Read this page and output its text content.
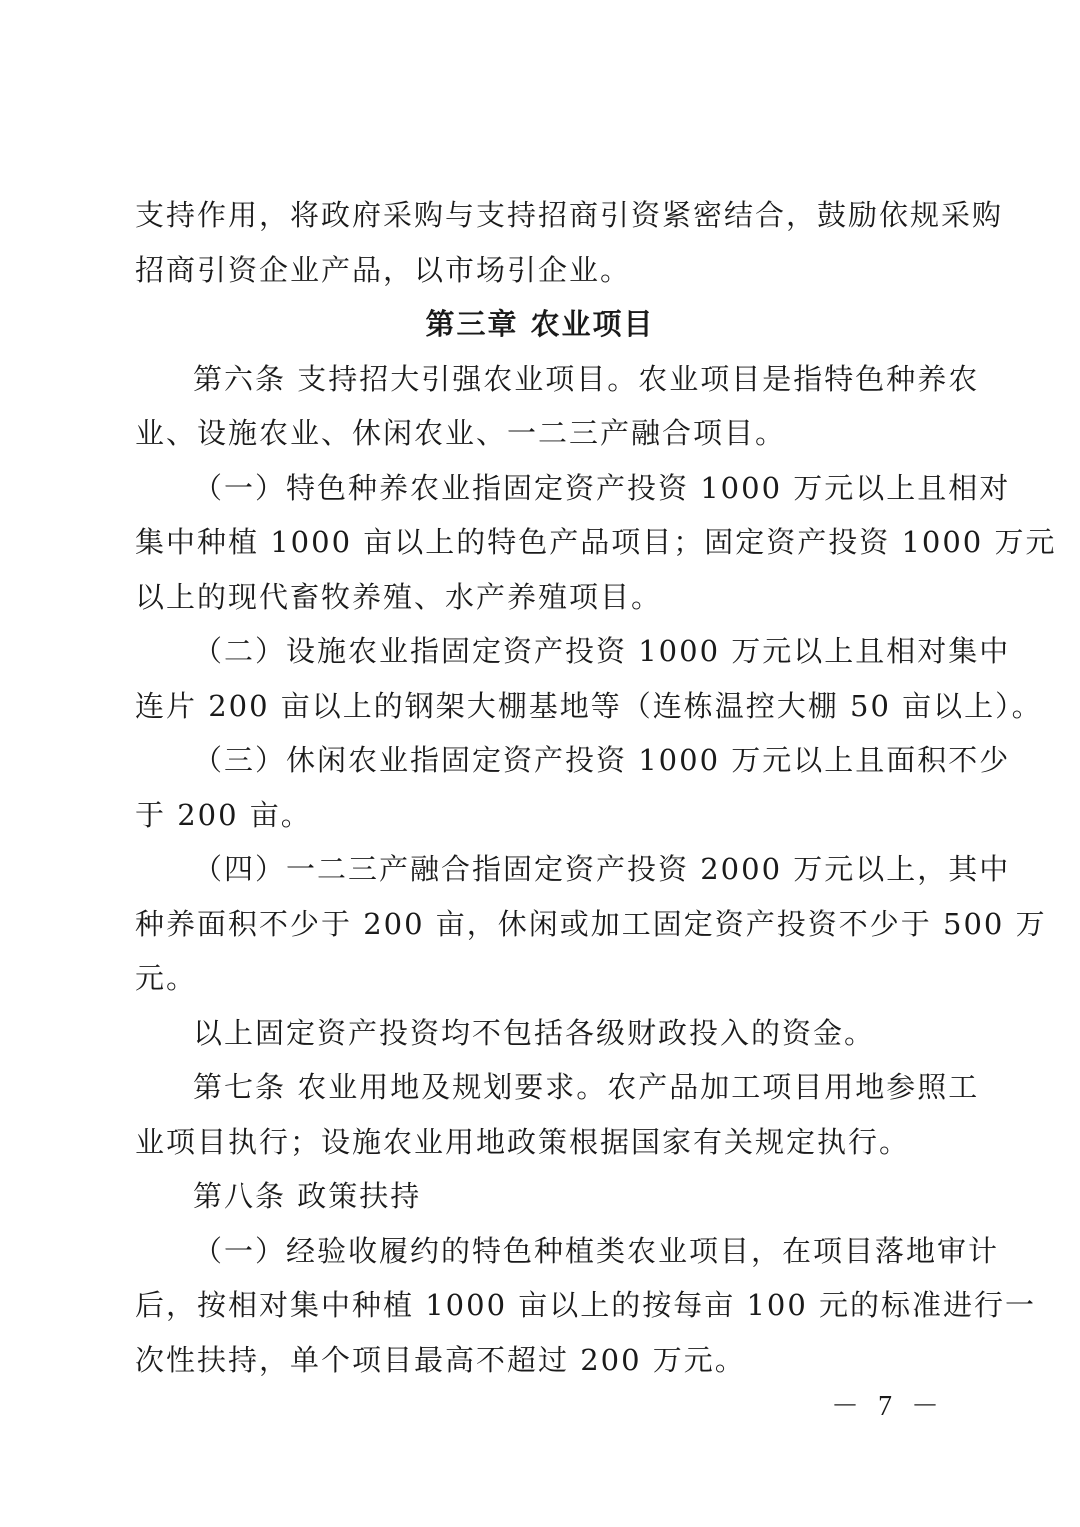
支持作用，将政府采购与支持招商引资紧密结合，鼓励依规采购
招商引资企业产品，以市场引企业。
第三章 农业项目
第六条 支持招大引强农业项目。农业项目是指特色种养农
业、设施农业、休闲农业、一二三产融合项目。
（一）特色种养农业指固定资产投资 1000 万元以上且相对
集中种植 1000 亩以上的特色产品项目；固定资产投资 1000 万元
以上的现代畜牧养殖、水产养殖项目。
（二）设施农业指固定资产投资 1000 万元以上且相对集中
连片 200 亩以上的钢架大棚基地等（连栋温控大棚 50 亩以上）。
（三）休闲农业指固定资产投资 1000 万元以上且面积不少
于 200 亩。
（四）一二三产融合指固定资产投资 2000 万元以上，其中
种养面积不少于 200 亩，休闲或加工固定资产投资不少于 500 万
元。
以上固定资产投资均不包括各级财政投入的资金。
第七条 农业用地及规划要求。农产品加工项目用地参照工
业项目执行；设施农业用地政策根据国家有关规定执行。
第八条 政策扶持
（一）经验收履约的特色种植类农业项目，在项目落地审计
后，按相对集中种植 1000 亩以上的按每亩 100 元的标准进行一
次性扶持，单个项目最高不超过 200 万元。
－ 7 －
